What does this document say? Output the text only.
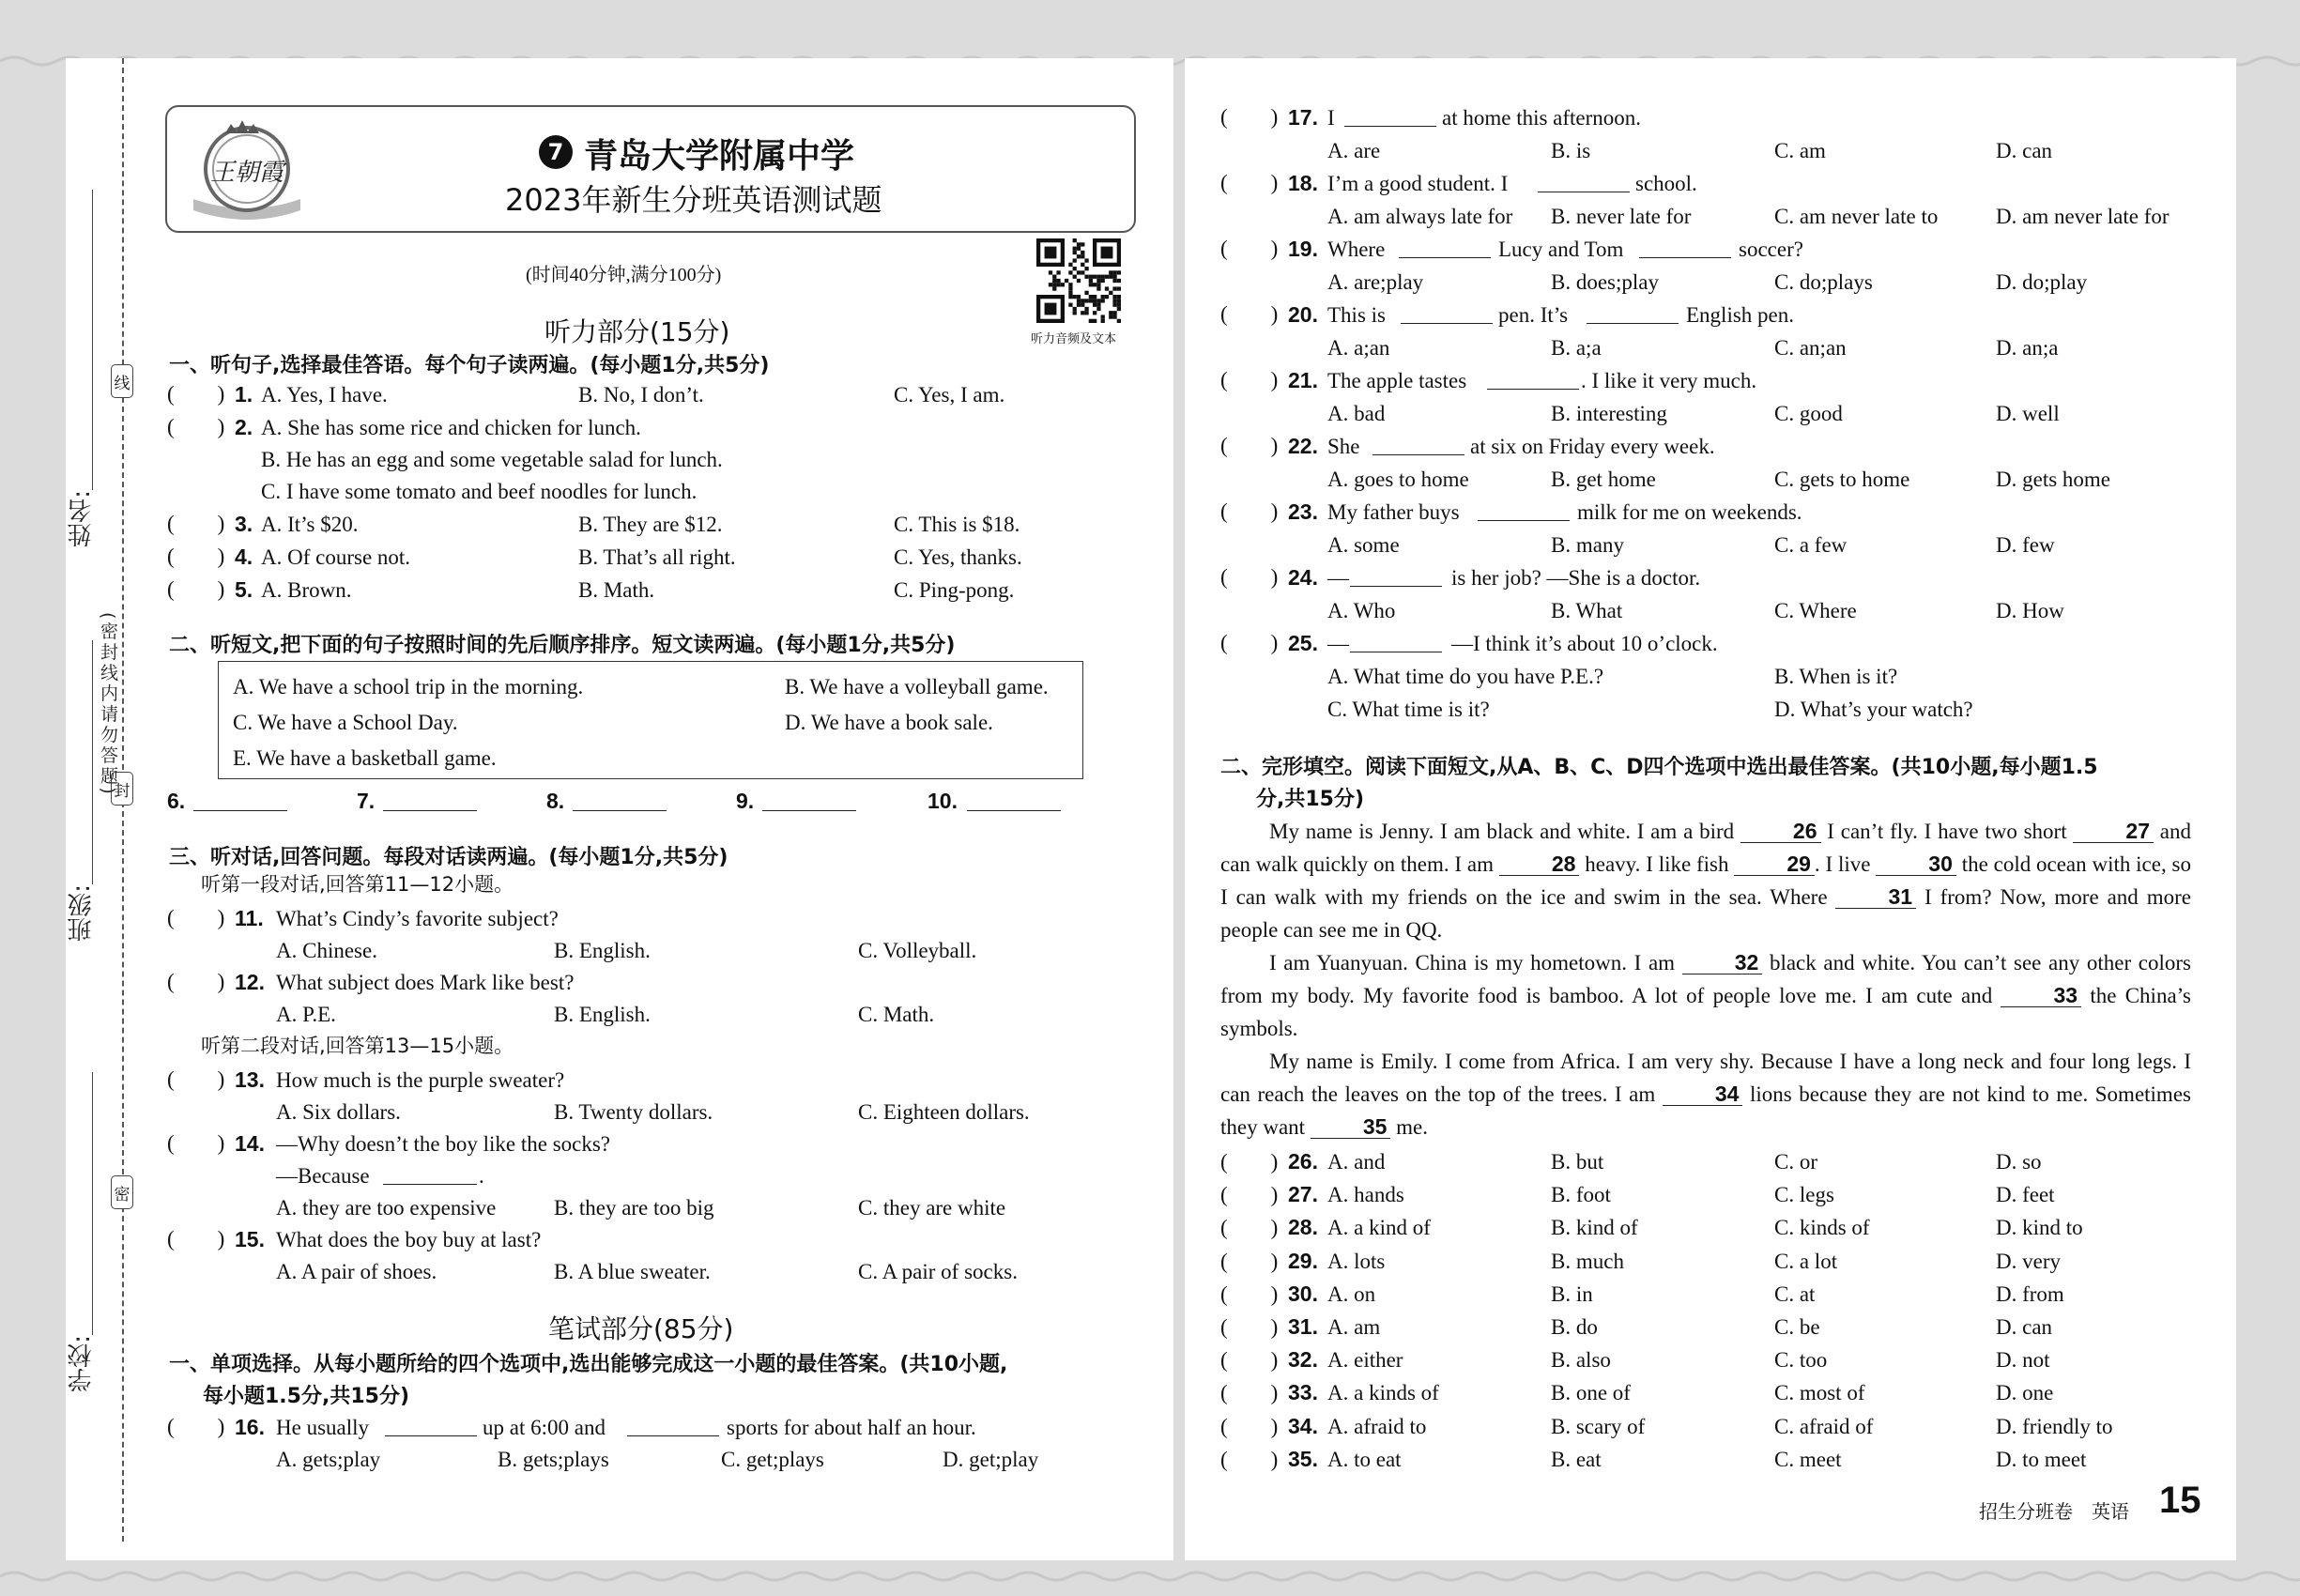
姓名:
班级:
学校:
线
封
密
(密封线内请勿答题)
王朝霞
7 青岛大学附属中学
2023年新生分班英语测试题
(时间40分钟,满分100分)
听力音频及文本
听力部分(15分)
一、听句子,选择最佳答语。每个句子读两遍。(每小题1分,共5分)
(　　) 1. A. Yes, I have.	B. No, I don’t.	C. Yes, I am.
(　　) 2. A. She has some rice and chicken for lunch.
B. He has an egg and some vegetable salad for lunch.
C. I have some tomato and beef noodles for lunch.
(　　) 3. A. It’s $20.	B. They are $12.	C. This is $18.
(　　) 4. A. Of course not.	B. That’s all right.	C. Yes, thanks.
(　　) 5. A. Brown.	B. Math.	C. Ping-pong.
二、听短文,把下面的句子按照时间的先后顺序排序。短文读两遍。(每小题1分,共5分)
A. We have a school trip in the morning.	B. We have a volleyball game.
C. We have a School Day.	D. We have a book sale.
E. We have a basketball game.
6.	7.	8.	9.	10.
三、听对话,回答问题。每段对话读两遍。(每小题1分,共5分)
听第一段对话,回答第11—12小题。
(　　) 11. What’s Cindy’s favorite subject?
A. Chinese.	B. English.	C. Volleyball.
(　　) 12. What subject does Mark like best?
A. P.E.	B. English.	C. Math.
听第二段对话,回答第13—15小题。
(　　) 13. How much is the purple sweater?
A. Six dollars.	B. Twenty dollars.	C. Eighteen dollars.
(　　) 14. —Why doesn’t the boy like the socks?
—Because	.
A. they are too expensive	B. they are too big	C. they are white
(　　) 15. What does the boy buy at last?
A. A pair of shoes.	B. A blue sweater.	C. A pair of socks.
笔试部分(85分)
一、单项选择。从每小题所给的四个选项中,选出能够完成这一小题的最佳答案。(共10小题,
每小题1.5分,共15分)
(　　) 16. He usually	up at 6:00 and	sports for about half an hour.
A. gets;play	B. gets;plays	C. get;plays	D. get;play
(　　) 17. I	at home this afternoon.
A. are	B. is	C. am	D. can
(　　) 18. I’m a good student. I	school.
A. am always late for B. never late for	C. am never late to	D. am never late for
(　　) 19. Where	Lucy and Tom	soccer?
A. are;play	B. does;play	C. do;plays	D. do;play
(　　) 20. This is	pen. It’s	English pen.
A. a;an	B. a;a	C. an;an	D. an;a
(　　) 21. The apple tastes	. I like it very much.
A. bad	B. interesting	C. good	D. well
(　　) 22. She	at six on Friday every week.
A. goes to home	B. get home	C. gets to home	D. gets home
(　　) 23. My father buys	milk for me on weekends.
A. some	B. many	C. a few	D. few
(　　) 24. —	is her job? —She is a doctor.
A. Who	B. What	C. Where	D. How
(　　) 25. —	—I think it’s about 10 o’clock.
A. What time do you have P.E.?	B. When is it?
C. What time is it?	D. What’s your watch?
二、完形填空。阅读下面短文,从A、B、C、D四个选项中选出最佳答案。(共10小题,每小题1.5
分,共15分)
My name is Jenny. I am black and white. I am a bird 26 I can’t fly. I have two short 27 and can walk quickly on them. I am 28 heavy. I like fish 29 . I live 30 the cold ocean with ice, so I can walk with my friends on the ice and swim in the sea. Where 31 I from? Now, more and more people can see me in QQ.
I am Yuanyuan. China is my hometown. I am 32 black and white. You can’t see any other colors from my body. My favorite food is bamboo. A lot of people love me. I am cute and 33 the China’s symbols.
My name is Emily. I come from Africa. I am very shy. Because I have a long neck and four long legs. I can reach the leaves on the top of the trees. I am 34 lions because they are not kind to me. Sometimes they want 35 me.
(　　) 26. A. and	B. but	C. or	D. so
(　　) 27. A. hands	B. foot	C. legs	D. feet
(　　) 28. A. a kind of	B. kind of	C. kinds of	D. kind to
(　　) 29. A. lots	B. much	C. a lot	D. very
(　　) 30. A. on	B. in	C. at	D. from
(　　) 31. A. am	B. do	C. be	D. can
(　　) 32. A. either	B. also	C. too	D. not
(　　) 33. A. a kinds of	B. one of	C. most of	D. one
(　　) 34. A. afraid to	B. scary of	C. afraid of	D. friendly to
(　　) 35. A. to eat	B. eat	C. meet	D. to meet
招生分班卷　英语 15
